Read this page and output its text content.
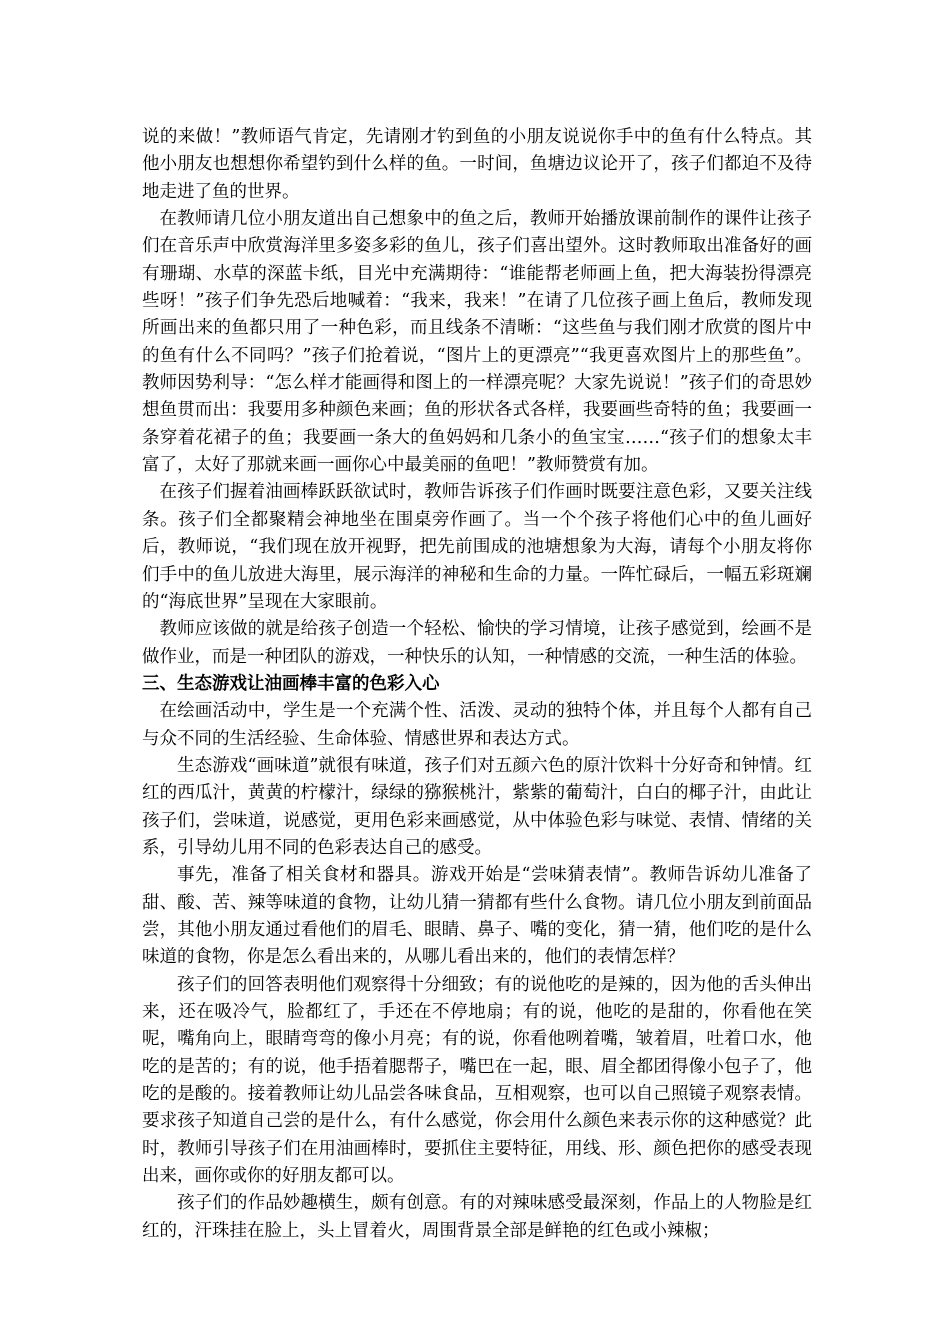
说的来做！”教师语气肯定，先请刚才钓到鱼的小朋友说说你手中的鱼有什么特点。其他小朋友也想想你希望钓到什么样的鱼。一时间，鱼塘边议论开了，孩子们都迫不及待地走进了鱼的世界。

在教师请几位小朋友道出自己想象中的鱼之后，教师开始播放课前制作的课件让孩子们在音乐声中欣赏海洋里多姿多彩的鱼儿，孩子们喜出望外。这时教师取出准备好的画有珊瑚、水草的深蓝卡纸，目光中充满期待：“谁能帮老师画上鱼，把大海装扮得漂亮些呀！”孩子们争先恐后地喊着：“我来，我来！”在请了几位孩子画上鱼后，教师发现所画出来的鱼都只用了一种色彩，而且线条不清晰：“这些鱼与我们刚才欣赏的图片中的鱼有什么不同吗？”孩子们抢着说，“图片上的更漂亮”“我更喜欢图片上的那些鱼”。教师因势利导：“怎么样才能画得和图上的一样漂亮呢？大家先说说！”孩子们的奇思妙想鱼贯而出：我要用多种颜色来画；鱼的形状各式各样，我要画些奇特的鱼；我要画一条穿着花裙子的鱼；我要画一条大的鱼妈妈和几条小的鱼宝宝……“孩子们的想象太丰富了，太好了那就来画一画你心中最美丽的鱼吧！”教师赞赏有加。

在孩子们握着油画棒跃跃欲试时，教师告诉孩子们作画时既要注意色彩，又要关注线条。孩子们全都聚精会神地坐在围桌旁作画了。当一个个孩子将他们心中的鱼儿画好后，教师说，“我们现在放开视野，把先前围成的池塘想象为大海，请每个小朋友将你们手中的鱼儿放进大海里，展示海洋的神秘和生命的力量。一阵忙碌后，一幅五彩斑斓的“海底世界”呈现在大家眼前。

教师应该做的就是给孩子创造一个轻松、愉快的学习情境，让孩子感觉到，绘画不是做作业，而是一种团队的游戏，一种快乐的认知，一种情感的交流，一种生活的体验。

三、生态游戏让油画棒丰富的色彩入心

在绘画活动中，学生是一个充满个性、活泼、灵动的独特个体，并且每个人都有自己与众不同的生活经验、生命体验、情感世界和表达方式。

生态游戏“画味道”就很有味道，孩子们对五颜六色的原汁饮料十分好奇和钟情。红红的西瓜汁，黄黄的柠檬汁，绿绿的猕猴桃汁，紫紫的葡萄汁，白白的椰子汁，由此让孩子们，尝味道，说感觉，更用色彩来画感觉，从中体验色彩与味觉、表情、情绪的关系，引导幼儿用不同的色彩表达自己的感受。

事先，准备了相关食材和器具。游戏开始是“尝味猜表情”。教师告诉幼儿准备了甜、酸、苦、辣等味道的食物，让幼儿猜一猜都有些什么食物。请几位小朋友到前面品尝，其他小朋友通过看他们的眉毛、眼睛、鼻子、嘴的变化，猜一猜，他们吃的是什么味道的食物，你是怎么看出来的，从哪儿看出来的，他们的表情怎样？

孩子们的回答表明他们观察得十分细致；有的说他吃的是辣的，因为他的舌头伸出来，还在吸冷气，脸都红了，手还在不停地扇；有的说，他吃的是甜的，你看他在笑呢，嘴角向上，眼睛弯弯的像小月亮；有的说，你看他咧着嘴，皱着眉，吐着口水，他吃的是苦的；有的说，他手捂着腮帮子，嘴巴在一起，眼、眉全都团得像小包子了，他吃的是酸的。接着教师让幼儿品尝各味食品，互相观察，也可以自己照镜子观察表情。要求孩子知道自己尝的是什么，有什么感觉，你会用什么颜色来表示你的这种感觉？此时，教师引导孩子们在用油画棒时，要抓住主要特征，用线、形、颜色把你的感受表现出来，画你或你的好朋友都可以。

孩子们的作品妙趣横生，颇有创意。有的对辣味感受最深刻，作品上的人物脸是红红的，汗珠挂在脸上，头上冒着火，周围背景全部是鲜艳的红色或小辣椒；
